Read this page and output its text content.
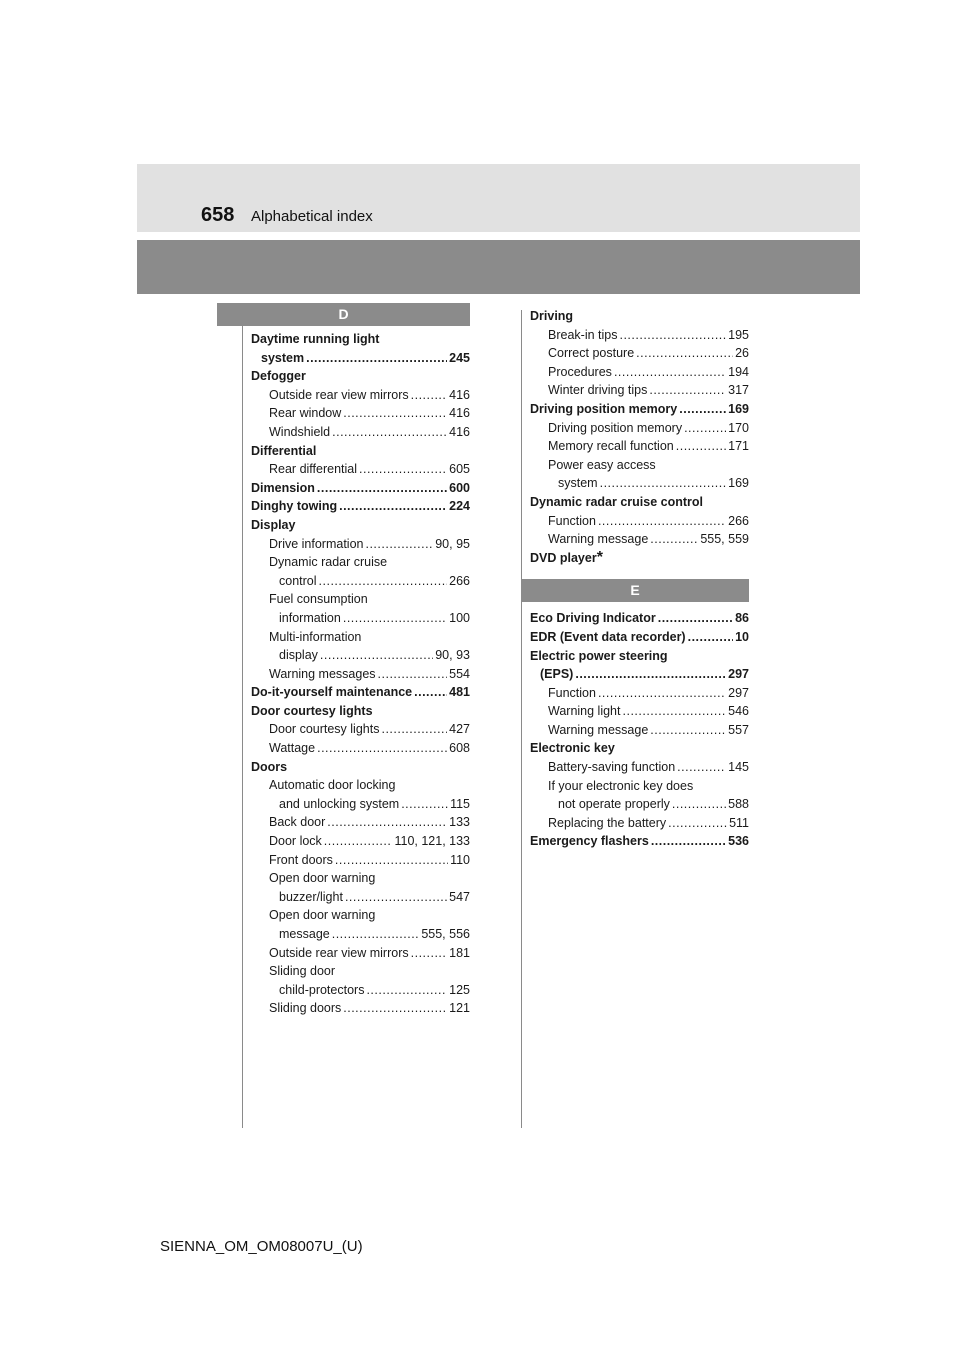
658 Alphabetical index
D
Daytime running light
system .....	245
Defogger
Outside rear view mirrors .....	416
Rear window .....	416
Windshield .....	416
Differential
Rear differential .....	605
Dimension .....	600
Dinghy towing .....	224
Display
Drive information .....	90, 95
Dynamic radar cruise
control .....	266
Fuel consumption
information .....	100
Multi-information
display .....	90, 93
Warning messages .....	554
Do-it-yourself maintenance .....	481
Door courtesy lights
Door courtesy lights .....	427
Wattage .....	608
Doors
Automatic door locking
and unlocking system .....	115
Back door .....	133
Door lock .....	110, 121, 133
Front doors .....	110
Open door warning
buzzer/light .....	547
Open door warning
message .....	555, 556
Outside rear view mirrors .....	181
Sliding door
child-protectors .....	125
Sliding doors .....	121
Driving
Break-in tips .....	195
Correct posture .....	26
Procedures .....	194
Winter driving tips .....	317
Driving position memory .....	169
Driving position memory .....	170
Memory recall function .....	171
Power easy access
system .....	169
Dynamic radar cruise control
Function .....	266
Warning message .....	555, 559
DVD player *
E
Eco Driving Indicator .....	86
EDR (Event data recorder) .....	10
Electric power steering
(EPS) .....	297
Function .....	297
Warning light .....	546
Warning message .....	557
Electronic key
Battery-saving function .....	145
If your electronic key does
not operate properly .....	588
Replacing the battery .....	511
Emergency flashers .....	536
SIENNA_OM_OM08007U_(U)
